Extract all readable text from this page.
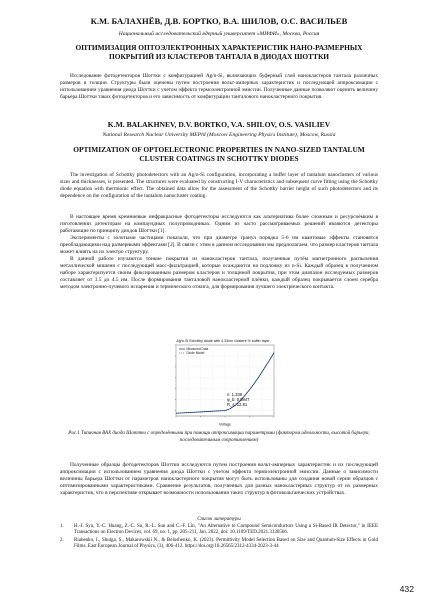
К.М. БАЛАХНЁВ, Д.В. БОРТКО, В.А. ШИЛОВ, О.С. ВАСИЛЬЕВ
Национальный исследовательский ядерный университет «МИФИ», Москва, Россия
ОПТИМИЗАЦИЯ ОПТОЭЛЕКТРОННЫХ ХАРАКТЕРИСТИК НАНО-РАЗМЕРНЫХ ПОКРЫТИЙ ИЗ КЛАСТЕРОВ ТАНТАЛА В ДИОДАХ ШОТТКИ
Исследование фотодетекторов Шоттки с конфигурацией Ag/n-Si, включающих буферный слой нанокластеров тантала различных размеров и толщин. Структуры были оценены путем построения вольт-амперных характеристик и последующей аппроксимации с использованием уравнения диода Шоттки с учетом эффекта термоэлектронной эмиссии. Полученные данные позволяют оценить величину барьера Шоттки таких фотодетекторов и его зависимость от конфигурации танталового нанокластерного покрытия.
K.M. BALAKHNEV, D.V. BORTKO, V.A. SHILOV, O.S. VASILIEV
National Research Nuclear University MEPhI (Moscow Engineering Physics Institute), Moscow, Russia
OPTIMIZATION OF OPTOELECTRONIC PROPERTIES IN NANO-SIZED TANTALUM CLUSTER COATINGS IN SCHOTTKY DIODES
The investigation of Schottky photodetectors with an Ag/n-Si configuration, incorporating a buffer layer of tantalum nanoclusters of various sizes and thicknesses, is presented. The structures were evaluated by constructing I-V characteristics and subsequent curve fitting using the Schottky diode equation with thermionic effect. The obtained data allow for the assessment of the Schottky barrier height of such photodetectors and its dependence on the configuration of the tantalum nanocluster coating.

В настоящее время кремниевые инфракрасные фотодетекторы исследуются как альтернатива более сложным и ресурсоёмким в изготовлении детекторам на компаундных полупроводниках. Одним из часто рассматриваемых решений являются детекторы работающие по принципу диодов Шоттки [1].

Эксперименты с золотыми частицами показали, что при диаметре гранул порядка 5-6 нм квантовые эффекты становятся преобладающими над размерными эффектами [2]. В связи с этим в данном исследовании мы предполагаем, что размер кластеров тантала может влиять на их электро структуру.

В данной работе изучаются тонкие покрытия из нанокластеров тантала, полученные путём магнетронного распыления металлической мишени с последующей масс-фильтрацией, которые осаждаются на подложку из n-Si. Каждый образец в полученном наборе характеризуется своим фиксированным размером кластеров и толщиной покрытия, при этом диапазон исследуемых размеров составляет от 1.5 до 4.5 нм. После формирования танталовой нанокластерной плёнки, каждый образец покрывается слоем серебра методом электронно-лучевого испарения и термического отжига, для формирования лучшего электрического контакта.

Ag/n-Si Schottky diode with 4.33nm clusters % buffer layer
Measured Data
Diode Model
n: 1.339
φ_b: 0.5947
R_s: 12.81
Voltage
Рис.1 Типичная ВАХ диода Шоттки с определёнными при помощи аппроксимации параметрами (фактором идеальности, высотой барьера, последовательным сопротивлением)
Полученные образцы фотодетекторов Шоттки исследуются путем построения вольт-амперных характеристик и их последующей аппроксимации с использованием уравнения диода Шоттки с учетом эффекта термоэлектронной эмиссии. Данные о зависимости величины барьера Шоттки от параметров нанокластерного покрытия могут быть использованы для создания новой серии образцов с оптимизированными характеристиками. Сравнение результатов, полученных для разных нанокластерных структур от их размерных характеристик, что в перспективе открывает возможности использования таких структур в фотовольтаических устройствах.
Список литературы
1.	H.-J. Syu, Y.-C. Huang, Z.-C. Su, R.-L. Sun and C.-F. Lin, "An Alternative to Compound Semiconductors Using a Si-Based IR Detector," in IEEE Transactions on Electron Devices, vol. 69, no. 1, pp. 205-211, Jan. 2022, doi: 10.1109/TED.2021.3130566.
2.	Riabenko, I., Shulga, S., Makarowskii N., & Beloshenko, K. (2023). Permittivity Model Selection Based on Size and Quantum-Size Effects in Gold Films. East European Journal of Physics, (3), 406-412. https://doi.org/10.26565/2312-4334-2023-3-44
432
